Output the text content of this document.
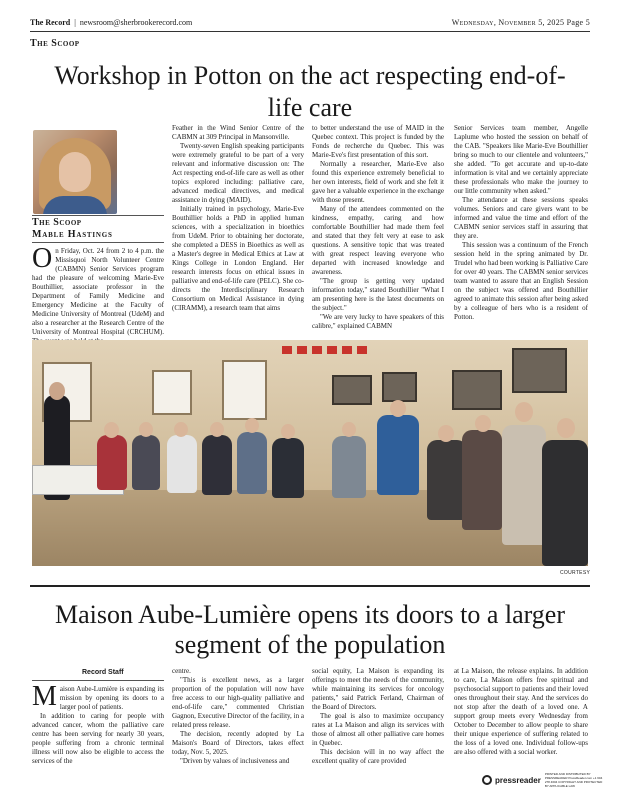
The Record | newsroom@sherbrookerecord.com	Wednesday, November 5, 2025 Page 5
The Scoop
Workshop in Potton on the act respecting end-of-life care
The Scoop
Mable Hastings

On Friday, Oct. 24 from 2 to 4 p.m. the Missisquoi North Volunteer Centre (CABMN) Senior Services program had the pleasure of welcoming Marie-Eve Bouthillier, associate professor in the Department of Family Medicine and Emergency Medicine at the Faculty of Medicine University of Montreal (UdeM) and also a researcher at the Research Centre of the University of Montreal Hospital (CRCHUM).

Feather in the Wind Senior Centre of the CABMN at 309 Principal in Mansonville.

Twenty-seven English speaking participants were extremely grateful to be part of a very relevant and informative discussion on: The Act respecting end-of-life care as well as other topics explored including: palliative care, advanced medical directives, and medical assistance in dying (MAID).

Initially trained in psychology, Marie-Eve Bouthillier holds a PhD in applied human sciences, with a specialization in bioethics from UdeM. Prior to obtaining her doctorate, she completed a DESS in Bioethics as well as a Master's degree in Medical Ethics at Law at Kings College in London England. Her research interests focus on ethical issues in palliative and end-of-life care (PELC). She co-directs the Interdisciplinary Research Consortium on Medical Assistance in dying (CIRAMM), a research team that aims

to better understand the use of MAID in the Quebec context. This project is funded by the Fonds de recherche du Quebec. This was Marie-Eve's first presentation of this sort.

Normally a researcher, Marie-Eve also found this experience extremely beneficial to her own interests, field of work and she felt it gave her a valuable experience in the exchange with those present.

Many of the attendees commented on the kindness, empathy, caring and how comfortable Bouthillier had made them feel and stated that they felt very at ease to ask questions. A sensitive topic that was treated with great respect leaving everyone who departed with increased knowledge and awareness.

"The group is getting very updated information today," stated Bouthillier "What I am presenting here is the latest documents on the subject."

"We are very lucky to have speakers of this calibre," explained CABMN

Senior Services team member, Angelle Laplume who hosted the session on behalf of the CAB. "Speakers like Marie-Eve Bouthillier bring so much to our clientele and volunteers," she added. "To get accurate and up-to-date information is vital and we certainly appreciate these professionals who make the journey to our little community when asked."

The attendance at these sessions speaks volumes. Seniors and care givers want to be informed and value the time and effort of the CABMN senior services staff in assuring that they are.

This session was a continuum of the French session held in the spring animated by Dr. Trudel who had been working is Palliative Care for over 40 years. The CABMN senior services team wanted to assure that an English Session on the subject was offered and Bouthillier agreed to animate this session after being asked by a colleague of hers who is a resident of Potton.

COURTESY
Maison Aube-Lumière opens its doors to a larger segment of the population
Record Staff

Maison Aube-Lumière is expanding its mission by opening its doors to a larger pool of patients.

In addition to caring for people with advanced cancer, whom the palliative care centre has been serving for nearly 30 years, people suffering from a chronic terminal illness will now also be eligible to access the services of the

centre.

"This is excellent news, as a larger proportion of the population will now have free access to our high-quality palliative and end-of-life care," commented Christian Gagnon, Executive Director of the facility, in a related press release.

The decision, recently adopted by La Maison's Board of Directors, takes effect today, Nov. 5, 2025.

"Driven by values of inclusiveness and

social equity, La Maison is expanding its offerings to meet the needs of the community, while maintaining its services for oncology patients," said Patrick Ferland, Chairman of the Board of Directors.

The goal is also to maximize occupancy rates at La Maison and align its services with those of almost all other palliative care homes in Quebec.

This decision will in no way affect the excellent quality of care provided

at La Maison, the release explains. In addition to care, La Maison offers free spiritual and psychosocial support to patients and their loved ones throughout their stay. And the services do not stop after the death of a loved one. A support group meets every Wednesday from October to December to allow people to share their unique experience of suffering related to the loss of a loved one. Individual follow-ups are also offered with a social worker.

pressreader
PRINTED AND DISTRIBUTED BY PRESSREADER PressReader.com +1 604 278 4604 COPYRIGHT AND PROTECTED BY APPLICABLE LAW
